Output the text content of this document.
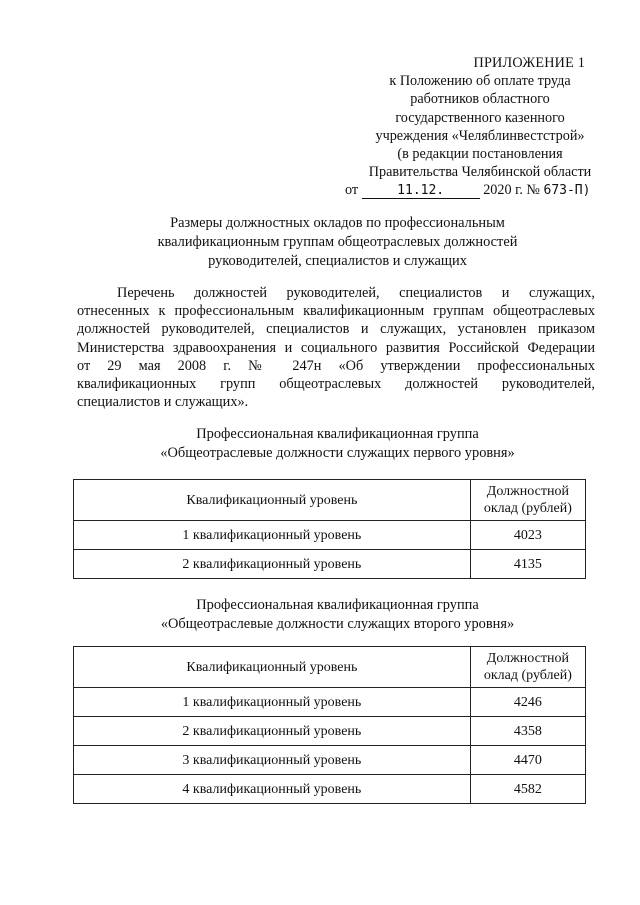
ПРИЛОЖЕНИЕ 1
к Положению об оплате труда
работников областного
государственного казенного
учреждения «Челяблинвестстрой»
(в редакции постановления
Правительства Челябинской области
от	11.12.	2020 г. № 673-П)
Размеры должностных окладов по профессиональным
квалификационным группам общеотраслевых должностей
руководителей, специалистов и служащих
Перечень должностей руководителей, специалистов и служащих,
отнесенных к профессиональным квалификационным группам общеотраслевых
должностей руководителей, специалистов и служащих, установлен приказом
Министерства здравоохранения и социального развития Российской Федерации
от 29 мая 2008 г. № 247н «Об утверждении профессиональных
квалификационных групп общеотраслевых должностей руководителей,
специалистов и служащих».
Профессиональная квалификационная группа
«Общеотраслевые должности служащих первого уровня»
Квалификационный уровень	Должностной
оклад (рублей)

1 квалификационный уровень	4023
2 квалификационный уровень	4135
Профессиональная квалификационная группа
«Общеотраслевые должности служащих второго уровня»
Квалификационный уровень	Должностной
оклад (рублей)

1 квалификационный уровень	4246
2 квалификационный уровень	4358
3 квалификационный уровень	4470
4 квалификационный уровень	4582
